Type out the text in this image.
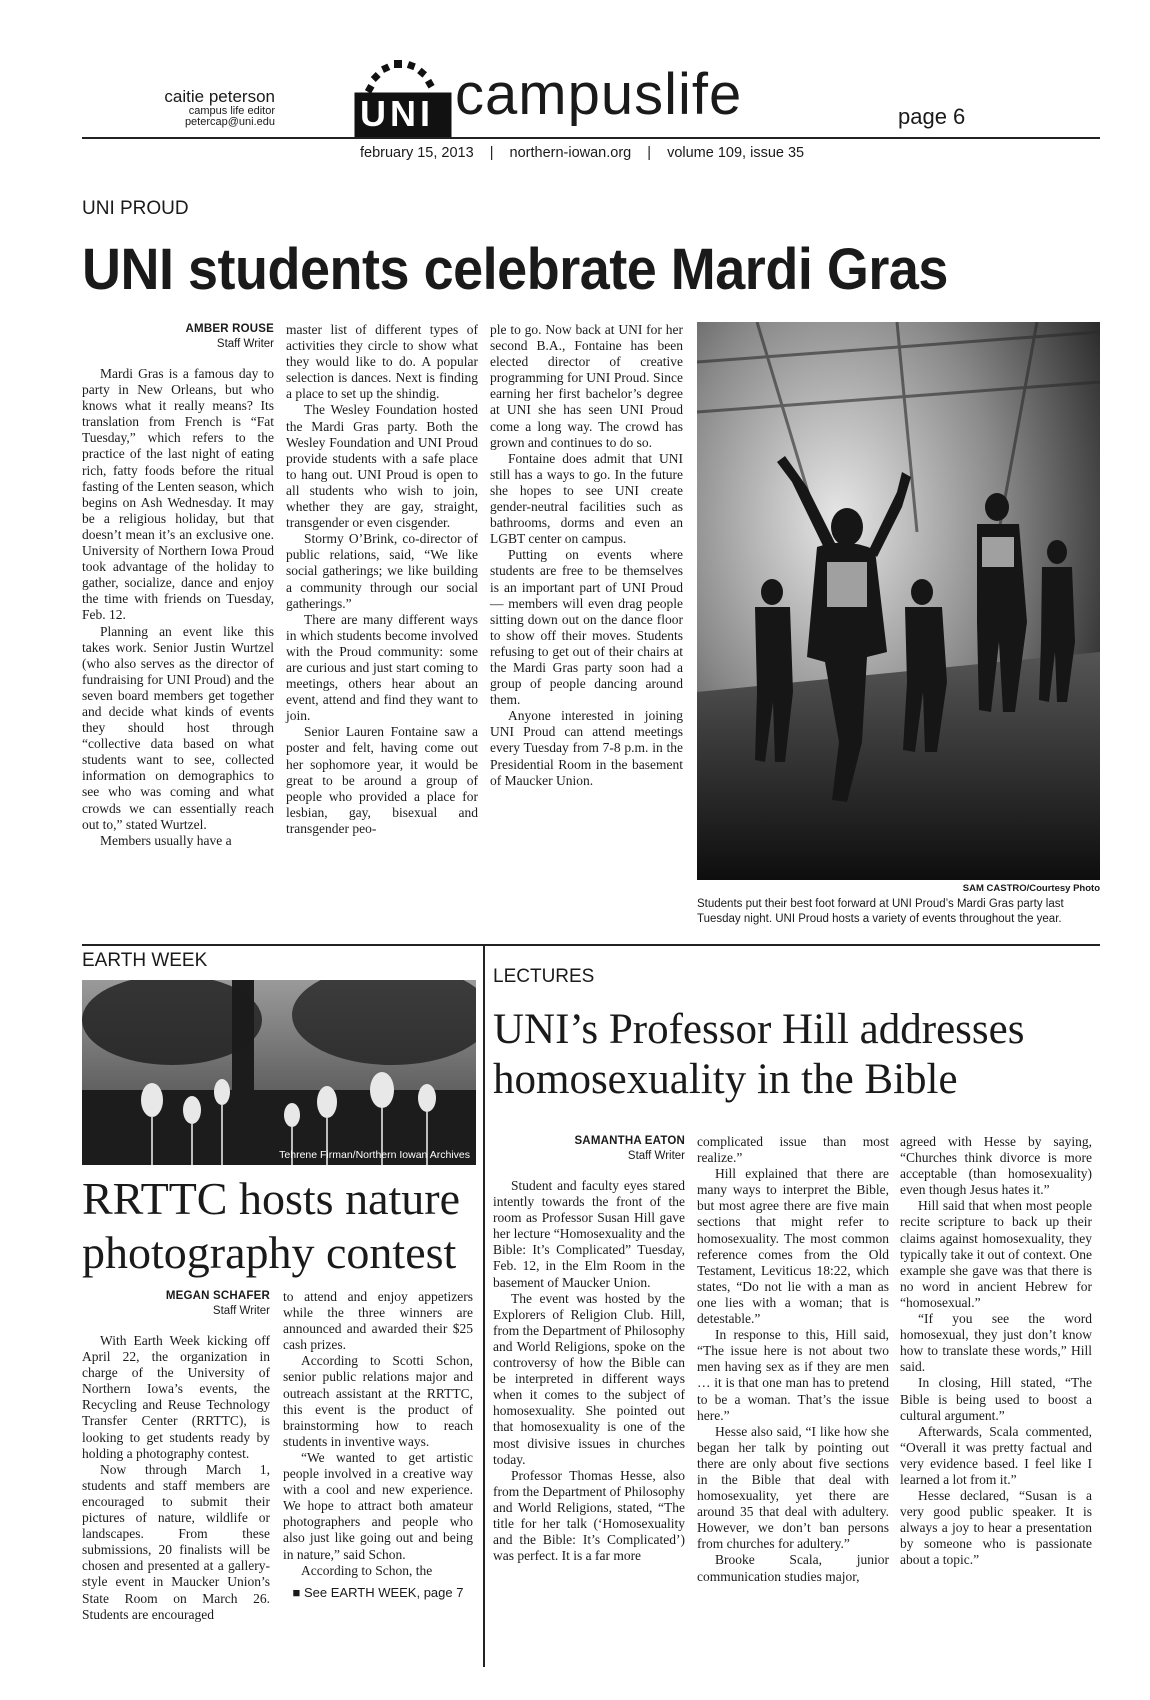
caitie peterson
campus life editor
petercap@uni.edu UNI campuslife	page 6
february 15, 2013 | northern-iowan.org | volume 109, issue 35
UNI PROUD
UNI students celebrate Mardi Gras
AMBER ROUSE
Staff Writer

Mardi Gras is a famous day to party in New Orleans, but who knows what it really means? Its translation from French is “Fat Tuesday,” which refers to the practice of the last night of eating rich, fatty foods before the ritual fasting of the Lenten season, which begins on Ash Wednesday. It may be a religious holiday, but that doesn’t mean it’s an exclusive one. University of Northern Iowa Proud took advantage of the holiday to gather, socialize, dance and enjoy the time with friends on Tuesday, Feb. 12.

Planning an event like this takes work. Senior Justin Wurtzel (who also serves as the director of fundraising for UNI Proud) and the seven board members get together and decide what kinds of events they should host through “collective data based on what students want to see, collected information on demographics to see who was coming and what crowds we can essentially reach out to,” stated Wurtzel.

Members usually have a

master list of different types of activities they circle to show what they would like to do. A popular selection is dances. Next is finding a place to set up the shindig.

The Wesley Foundation hosted the Mardi Gras party. Both the Wesley Foundation and UNI Proud provide students with a safe place to hang out. UNI Proud is open to all students who wish to join, whether they are gay, straight, transgender or even cisgender.

Stormy O’Brink, co-director of public relations, said, “We like social gatherings; we like building a community through our social gatherings.”

There are many different ways in which students become involved with the Proud community: some are curious and just start coming to meetings, others hear about an event, attend and find they want to join.

Senior Lauren Fontaine saw a poster and felt, having come out her sophomore year, it would be great to be around a group of people who provided a place for lesbian, gay, bisexual and transgender peo-

ple to go. Now back at UNI for her second B.A., Fontaine has been elected director of creative programming for UNI Proud. Since earning her first bachelor’s degree at UNI she has seen UNI Proud come a long way. The crowd has grown and continues to do so.

Fontaine does admit that UNI still has a ways to go. In the future she hopes to see UNI create gender-neutral facilities such as bathrooms, dorms and even an LGBT center on campus.

Putting on events where students are free to be themselves is an important part of UNI Proud — members will even drag people sitting down out on the dance floor to show off their moves. Students refusing to get out of their chairs at the Mardi Gras party soon had a group of people dancing around them.

Anyone interested in joining UNI Proud can attend meetings every Tuesday from 7-8 p.m. in the Presidential Room in the basement of Maucker Union.

SAM CASTRO/Courtesy Photo
Students put their best foot forward at UNI Proud’s Mardi Gras party last Tuesday night. UNI Proud hosts a variety of events throughout the year.
EARTH WEEK
Tehrene Firman/Northern Iowan Archives
RRTTC hosts nature photography contest
MEGAN SCHAFER
Staff Writer

With Earth Week kicking off April 22, the organization in charge of the University of Northern Iowa’s events, the Recycling and Reuse Technology Transfer Center (RRTTC), is looking to get students ready by holding a photography contest.

Now through March 1, students and staff members are encouraged to submit their pictures of nature, wildlife or landscapes. From these submissions, 20 finalists will be chosen and presented at a gallery-style event in Maucker Union’s State Room on March 26. Students are encouraged

to attend and enjoy appetizers while the three winners are announced and awarded their $25 cash prizes.

According to Scotti Schon, senior public relations major and outreach assistant at the RRTTC, this event is the product of brainstorming how to reach students in inventive ways.

“We wanted to get artistic people involved in a creative way with a cool and new experience. We hope to attract both amateur photographers and people who also just like going out and being in nature,” said Schon.

According to Schon, the

■ See EARTH WEEK, page 7
LECTURES
UNI’s Professor Hill addresses homosexuality in the Bible
SAMANTHA EATON
Staff Writer

Student and faculty eyes stared intently towards the front of the room as Professor Susan Hill gave her lecture “Homosexuality and the Bible: It’s Complicated” Tuesday, Feb. 12, in the Elm Room in the basement of Maucker Union.

The event was hosted by the Explorers of Religion Club. Hill, from the Department of Philosophy and World Religions, spoke on the controversy of how the Bible can be interpreted in different ways when it comes to the subject of homosexuality. She pointed out that homosexuality is one of the most divisive issues in churches today.

Professor Thomas Hesse, also from the Department of Philosophy and World Religions, stated, “The title for her talk (‘Homosexuality and the Bible: It’s Complicated’) was perfect. It is a far more

complicated issue than most realize.”

Hill explained that there are many ways to interpret the Bible, but most agree there are five main sections that might refer to homosexuality. The most common reference comes from the Old Testament, Leviticus 18:22, which states, “Do not lie with a man as one lies with a woman; that is detestable.”

In response to this, Hill said, “The issue here is not about two men having sex as if they are men … it is that one man has to pretend to be a woman. That’s the issue here.”

Hesse also said, “I like how she began her talk by pointing out there are only about five sections in the Bible that deal with homosexuality, yet there are around 35 that deal with adultery. However, we don’t ban persons from churches for adultery.”

Brooke Scala, junior communication studies major,

agreed with Hesse by saying, “Churches think divorce is more acceptable (than homosexuality) even though Jesus hates it.”

Hill said that when most people recite scripture to back up their claims against homosexuality, they typically take it out of context. One example she gave was that there is no word in ancient Hebrew for “homosexual.”

“If you see the word homosexual, they just don’t know how to translate these words,” Hill said.

In closing, Hill stated, “The Bible is being used to boost a cultural argument.”

Afterwards, Scala commented, “Overall it was pretty factual and very evidence based. I feel like I learned a lot from it.”

Hesse declared, “Susan is a very good public speaker. It is always a joy to hear a presentation by someone who is passionate about a topic.”
